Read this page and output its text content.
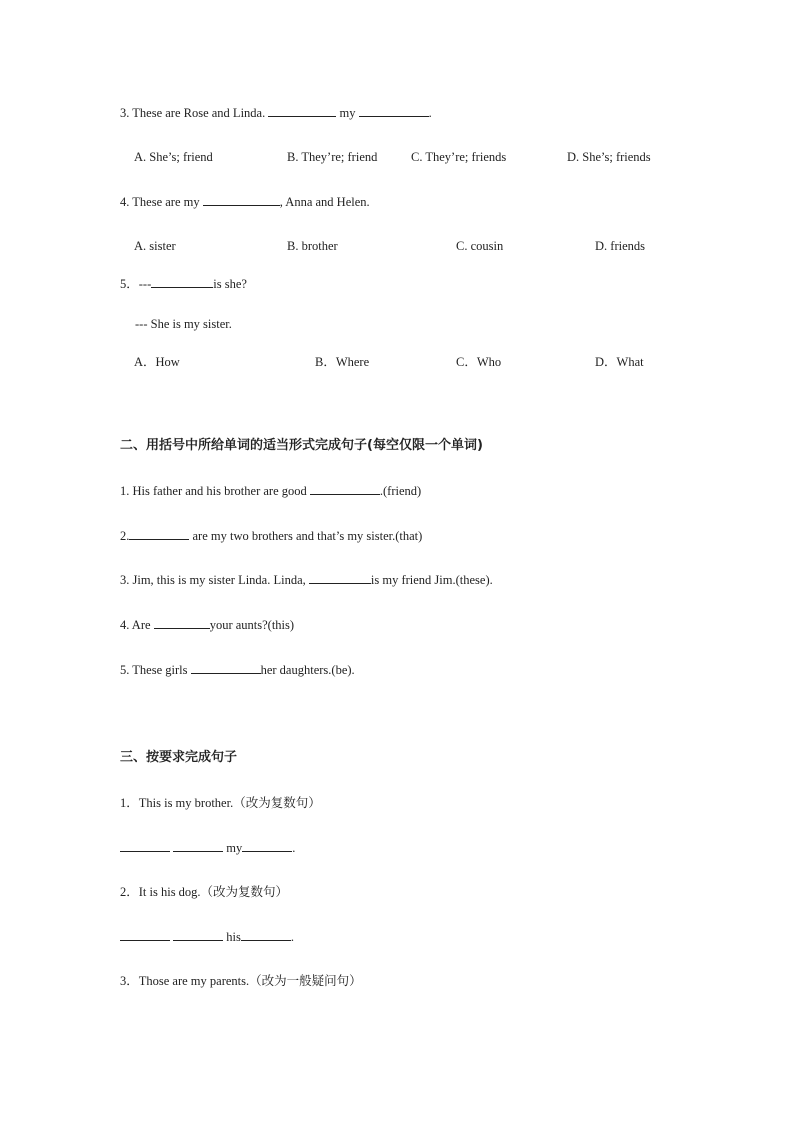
3. These are Rose and Linda.	my	.
A. She’s; friend	B. They’re; friend	C. They’re; friends	D. She’s; friends
4. These are my	, Anna and Helen.
A. sister	B. brother	C. cousin	D. friends
5．---	is she?
--- She is my sister.
A．How	B．Where	C．Who	D．What
二、用括号中所给单词的适当形式完成句子(每空仅限一个单词)
1. His father and his brother are good	.(friend)
2.	are my two brothers and that’s my sister.(that)
3. Jim, this is my sister Linda. Linda,	is my friend Jim.(these).
4. Are	your aunts?(this)
5. These girls	her daughters.(be).
三、按要求完成句子
1．This is my brother.（改为复数句）
my	.
2．It is his dog.（改为复数句）
his	.
3．Those are my parents.（改为一般疑问句）
